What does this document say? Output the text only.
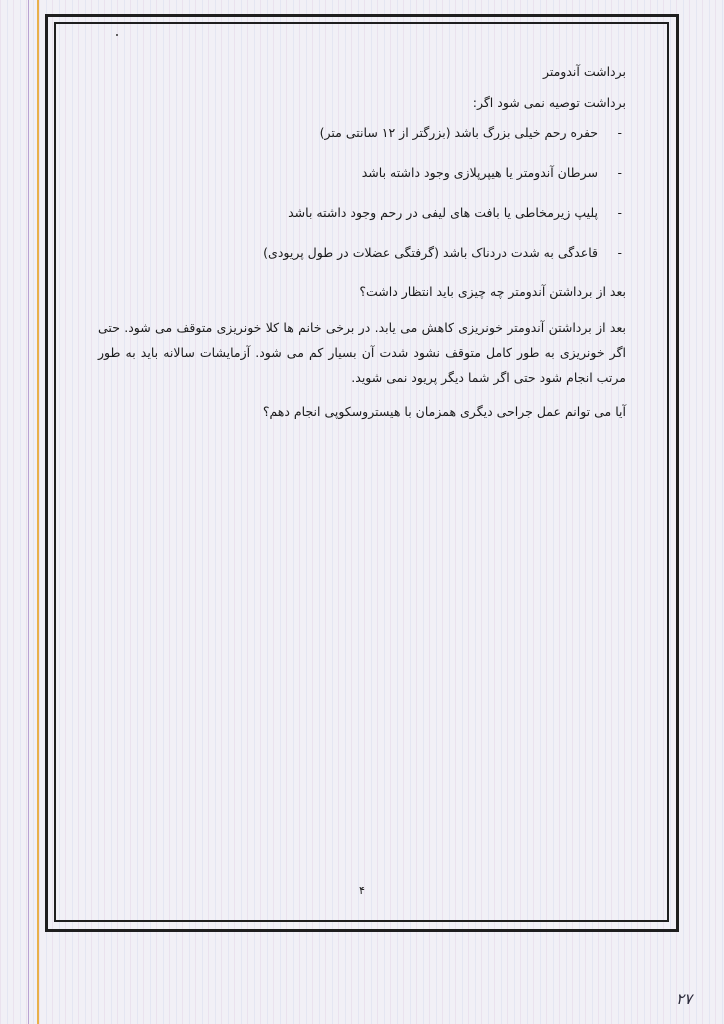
برداشت آندومتر

برداشت توصیه نمی شود اگر:

-
حفره رحم خیلی بزرگ باشد (بزرگتر از ۱۲ سانتی متر)
-
سرطان آندومتر یا هیپرپلازی وجود داشته باشد
-
پلیپ زیرمخاطی یا بافت های لیفی در رحم وجود داشته باشد
-
قاعدگی به شدت دردناک باشد (گرفتگی عضلات در طول پریودی)

بعد از برداشتن آندومتر چه چیزی باید انتظار داشت؟

بعد از برداشتن آندومتر خونریزی کاهش می یابد. در برخی خانم ها کلا خونریزی متوقف می شود. حتی اگر خونریزی به طور کامل متوقف نشود شدت آن بسیار کم می شود. آزمایشات سالانه باید به طور مرتب انجام شود حتی اگر شما دیگر پریود نمی شوید.

آیا می توانم عمل جراحی دیگری همزمان با هیستروسکوپی انجام دهم؟

۴
۲۷
